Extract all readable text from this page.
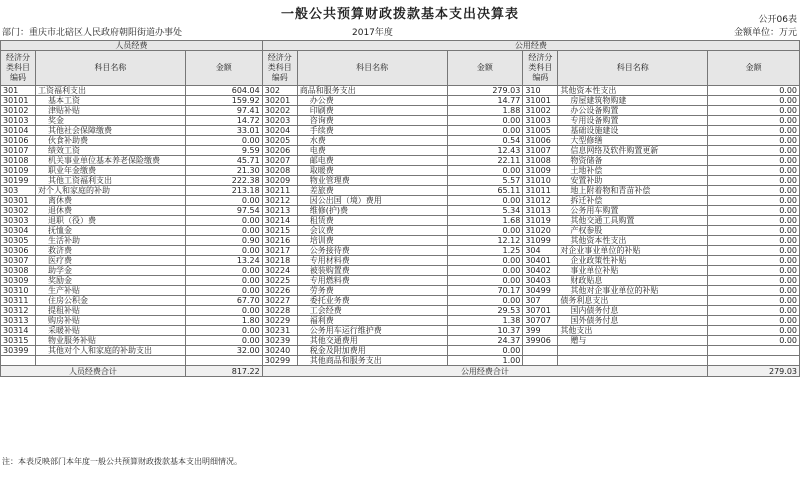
一般公共预算财政拨款基本支出决算表	公开06表
部门：重庆市北碚区人民政府朝阳街道办事处	2017年度	金额单位：万元
人员经费			公用经费					
经济分类科目编码	科目名称	金额	经济分类科目编码	科目名称	金额	经济分类科目编码	科目名称	金额
301	工资福利支出	604.04	302	商品和服务支出	279.03	310	其他资本性支出	0.00
30101	基本工资	159.92	30201	办公费	14.77	31001	房屋建筑物购建	0.00
30102	津贴补贴	97.41	30202	印刷费	1.88	31002	办公设备购置	0.00
30103	奖金	14.72	30203	咨询费	0.00	31003	专用设备购置	0.00
30104	其他社会保障缴费	33.01	30204	手续费	0.00	31005	基础设施建设	0.00
30106	伙食补助费	0.00	30205	水费	0.54	31006	大型修缮	0.00
30107	绩效工资	9.59	30206	电费	12.43	31007	信息网络及软件购置更新	0.00
30108	机关事业单位基本养老保险缴费	45.71	30207	邮电费	22.11	31008	物资储备	0.00
30109	职业年金缴费	21.30	30208	取暖费	0.00	31009	土地补偿	0.00
30199	其他工资福利支出	222.38	30209	物业管理费	5.57	31010	安置补助	0.00
303	对个人和家庭的补助	213.18	30211	差旅费	65.11	31011	地上附着物和青苗补偿	0.00
30301	离休费	0.00	30212	因公出国（境）费用	0.00	31012	拆迁补偿	0.00
30302	退休费	97.54	30213	维修(护)费	5.34	31013	公务用车购置	0.00
30303	退职（役）费	0.00	30214	租赁费	1.68	31019	其他交通工具购置	0.00
30304	抚恤金	0.00	30215	会议费	0.00	31020	产权参股	0.00
30305	生活补助	0.90	30216	培训费	12.12	31099	其他资本性支出	0.00
30306	救济费	0.00	30217	公务接待费	1.25	304	对企业事业单位的补贴	0.00
30307	医疗费	13.24	30218	专用材料费	0.00	30401	企业政策性补贴	0.00
30308	助学金	0.00	30224	被装购置费	0.00	30402	事业单位补贴	0.00
30309	奖励金	0.00	30225	专用燃料费	0.00	30403	财政贴息	0.00
30310	生产补贴	0.00	30226	劳务费	70.17	30499	其他对企事业单位的补贴	0.00
30311	住房公积金	67.70	30227	委托业务费	0.00	307	债务利息支出	0.00
30312	提租补贴	0.00	30228	工会经费	29.53	30701	国内债务付息	0.00
30313	购房补贴	1.80	30229	福利费	1.38	30707	国外债务付息	0.00
30314	采暖补贴	0.00	30231	公务用车运行维护费	10.37	399	其他支出	0.00
30315	物业服务补贴	0.00	30239	其他交通费用	24.37	39906	赠与	0.00
30399	其他对个人和家庭的补助支出	32.00	30240	税金及附加费用	0.00			
			30299	其他商品和服务支出	1.00			
人员经费合计		817.22	公用经费合计					279.03
注：本表反映部门本年度一般公共预算财政拨款基本支出明细情况。
